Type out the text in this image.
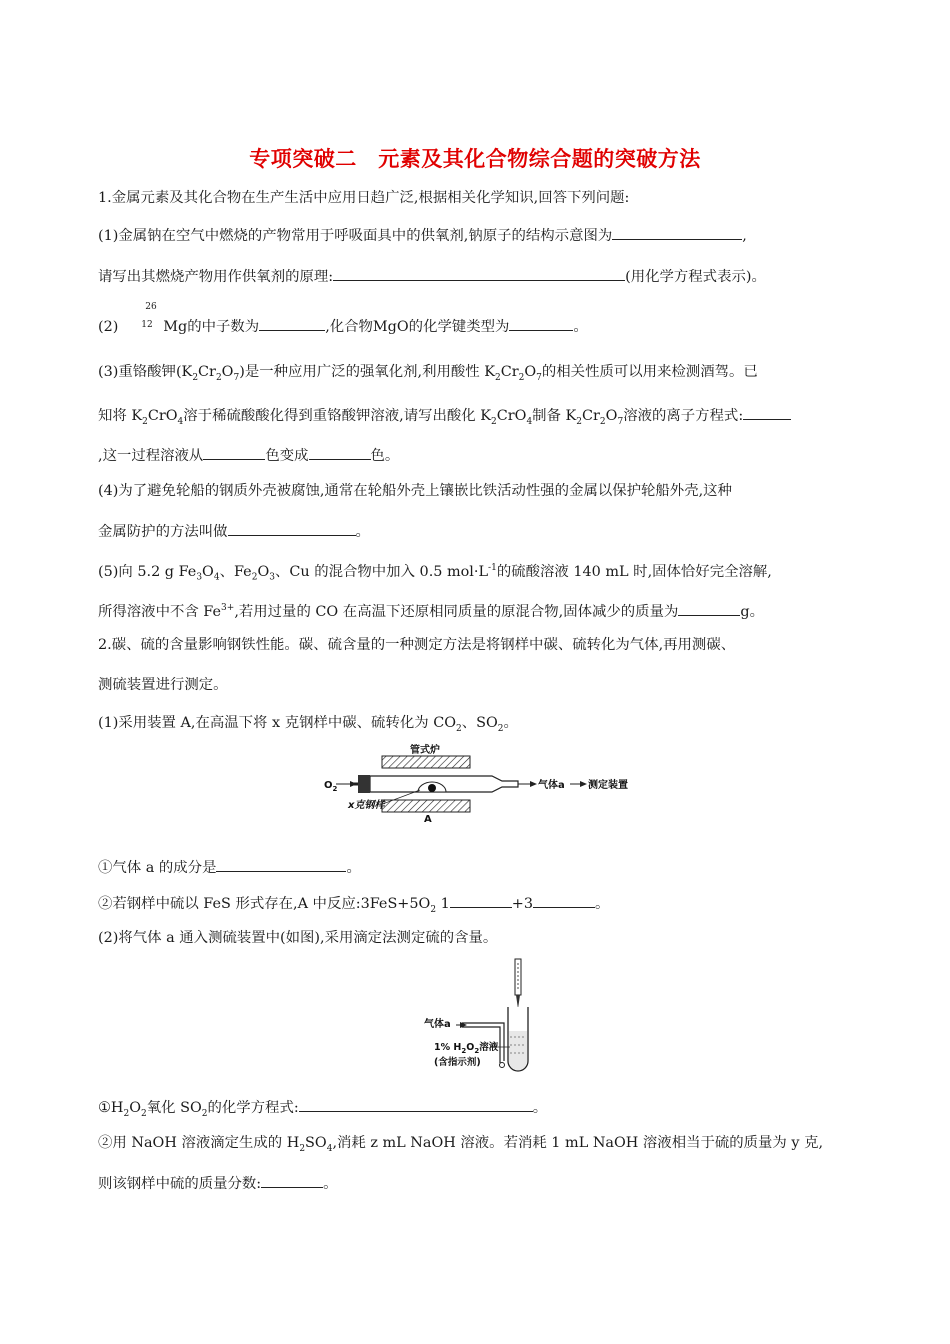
专项突破二　元素及其化合物综合题的突破方法
1.金属元素及其化合物在生产生活中应用日趋广泛,根据相关化学知识,回答下列问题:
(1)金属钠在空气中燃烧的产物常用于呼吸面具中的供氧剂,钠原子的结构示意图为	,
请写出其燃烧产物用作供氧剂的原理:	(用化学方程式表示)。
(2)
26
12 Mg的中子数为	,化合物MgO的化学键类型为	。
(3)重铬酸钾$(K_2Cr_2O_7)$是一种应用广泛的强氧化剂,利用酸性 $K_2Cr_2O_7$的相关性质可以用来检测酒驾。已
知将 $K_2CrO_4$溶于稀硫酸酸化得到重铬酸钾溶液,请写出酸化 $K_2CrO_4$制备 $K_2Cr_2O_7$溶液的离子方程式:
,这一过程溶液从	色变成	色。
(4)为了避免轮船的钢质外壳被腐蚀,通常在轮船外壳上镶嵌比铁活动性强的金属以保护轮船外壳,这种
金属防护的方法叫做	。
(5)向 5.2 g $Fe_3O_4$、$Fe_2O_3$、Cu 的混合物中加入 0.5 $mol\cdot L^{-1}$的硫酸溶液 140 mL 时,固体恰好完全溶解,
所得溶液中不含 $Fe^{3+}$,若用过量的 CO 在高温下还原相同质量的原混合物,固体减少的质量为	g。
2.碳、硫的含量影响钢铁性能。碳、硫含量的一种测定方法是将钢样中碳、硫转化为气体,再用测碳、
测硫装置进行测定。
(1)采用装置 A,在高温下将 x 克钢样中碳、硫转化为 $CO_2$、$SO_2$。
管式炉
$O_2$
x克钢样
气体a 测定装置
A
①气体 a 的成分是	。
②若钢样中硫以 FeS 形式存在,A 中反应$:3FeS+5O_2$ 1	+3	。
(2)将气体 a 通入测硫装置中(如图),采用滴定法测定硫的含量。
气体a
1% $H_2O_2$溶液
(含指示剂)
$①H_2O_2$氧化 $SO_2$的化学方程式:	。
②用 NaOH 溶液滴定生成的 $H_2SO_4$,消耗 z mL NaOH 溶液。若消耗 1 mL NaOH 溶液相当于硫的质量为 y 克,
则该钢样中硫的质量分数:	。
